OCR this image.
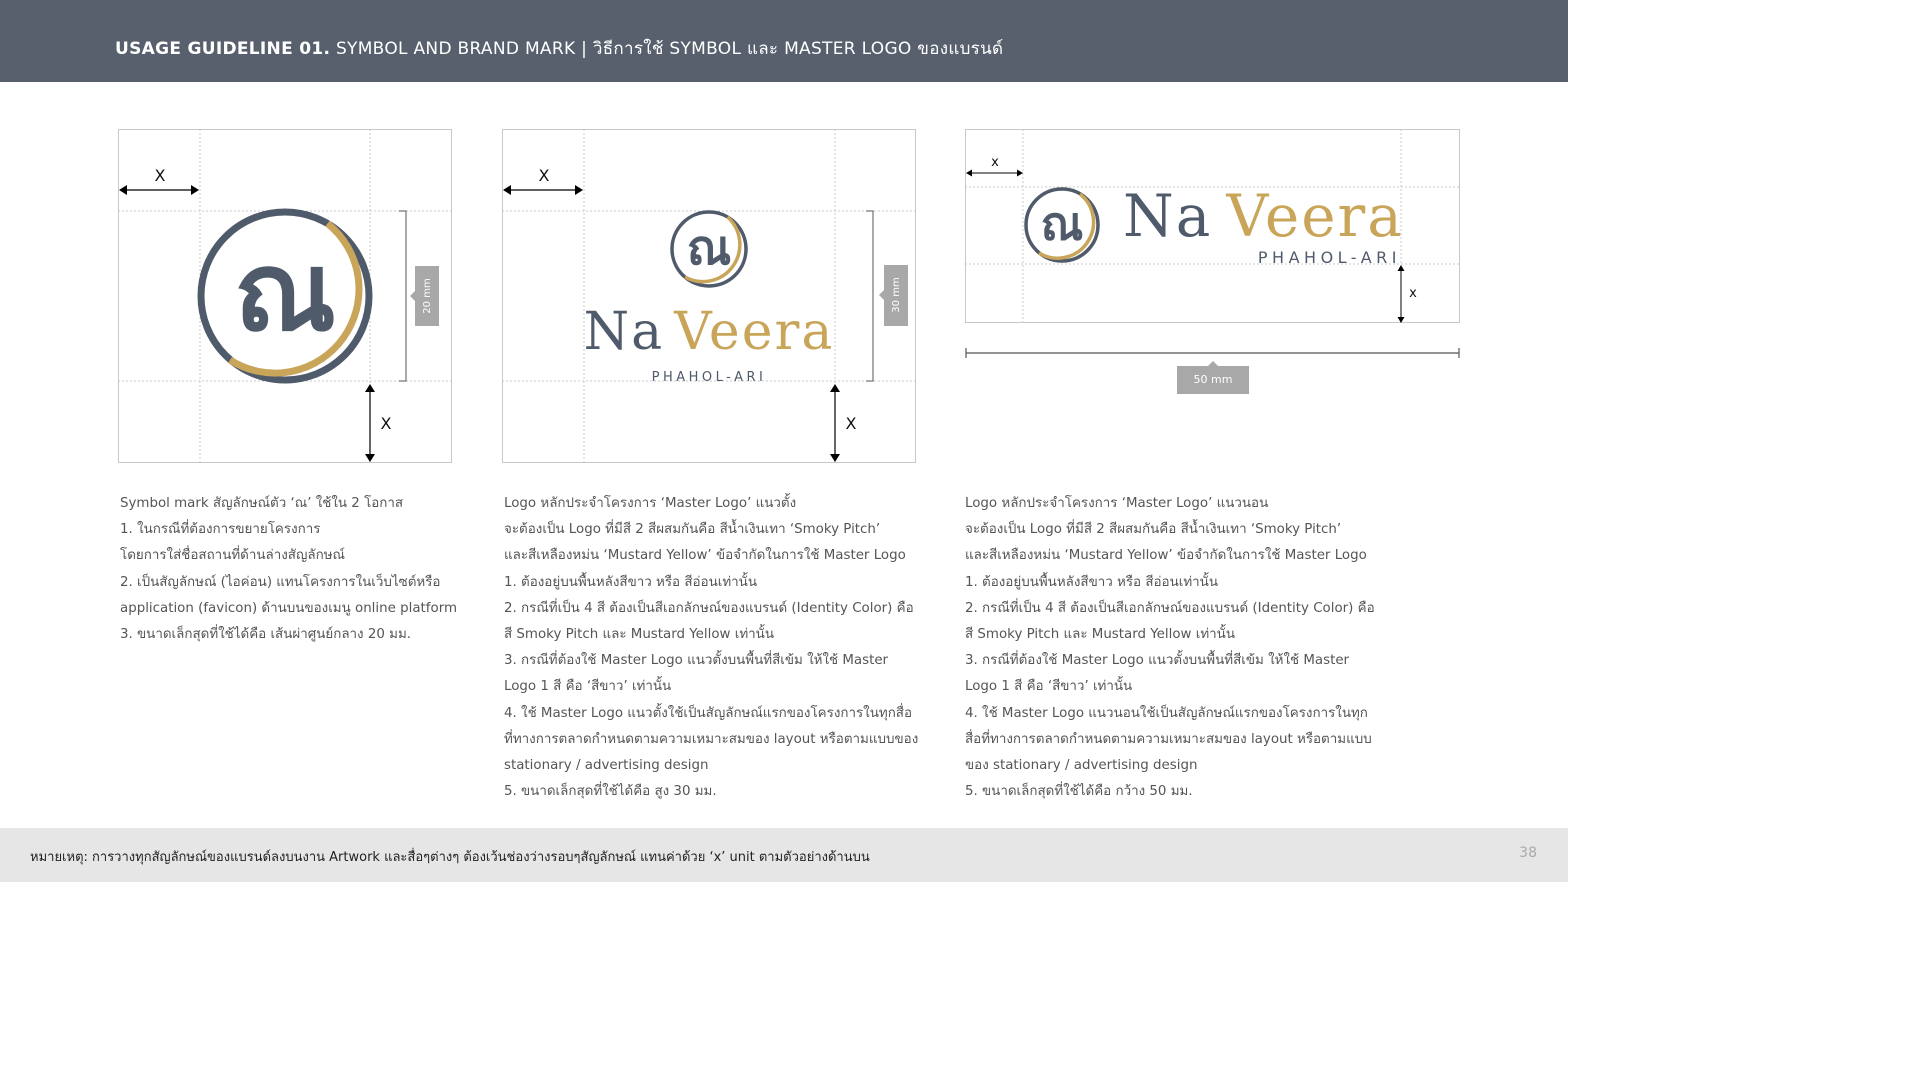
USAGE GUIDELINE 01. SYMBOL AND BRAND MARK | วิธีการใช้ SYMBOL และ MASTER LOGO ของแบรนด์
X
X
20 mm
ณ
X
X
30 mm
ณ
Na Veera
PHAHOL-ARI
x
x
ณ Na Veera
PHAHOL-ARI
50 mm

Symbol mark สัญลักษณ์ตัว ‘ณ’ ใช้ใน 2 โอกาส

1. ในกรณีที่ต้องการขยายโครงการ

โดยการใส่ชื่อสถานที่ด้านล่างสัญลักษณ์

2. เป็นสัญลักษณ์ (ไอค่อน) แทนโครงการในเว็บไซต์หรือ

application (favicon) ด้านบนของเมนู online platform

3. ขนาดเล็กสุดที่ใช้ได้คือ เส้นผ่าศูนย์กลาง 20 มม.

Logo หลักประจำโครงการ ‘Master Logo’ แนวตั้ง

จะต้องเป็น Logo ที่มีสี 2 สีผสมกันคือ สีน้ำเงินเทา ‘Smoky Pitch’

และสีเหลืองหม่น ‘Mustard Yellow’ ข้อจำกัดในการใช้ Master Logo

1. ต้องอยู่บนพื้นหลังสีขาว หรือ สีอ่อนเท่านั้น

2. กรณีที่เป็น 4 สี ต้องเป็นสีเอกลักษณ์ของแบรนด์ (Identity Color) คือ

สี Smoky Pitch และ Mustard Yellow เท่านั้น

3. กรณีที่ต้องใช้ Master Logo แนวตั้งบนพื้นที่สีเข้ม ให้ใช้ Master

Logo 1 สี คือ ‘สีขาว’ เท่านั้น

4. ใช้ Master Logo แนวตั้งใช้เป็นสัญลักษณ์แรกของโครงการในทุกสื่อ

ที่ทางการตลาดกำหนดตามความเหมาะสมของ layout หรือตามแบบของ

stationary / advertising design

5. ขนาดเล็กสุดที่ใช้ได้คือ สูง 30 มม.

Logo หลักประจำโครงการ ‘Master Logo’ แนวนอน

จะต้องเป็น Logo ที่มีสี 2 สีผสมกันคือ สีน้ำเงินเทา ‘Smoky Pitch’

และสีเหลืองหม่น ‘Mustard Yellow’ ข้อจำกัดในการใช้ Master Logo

1. ต้องอยู่บนพื้นหลังสีขาว หรือ สีอ่อนเท่านั้น

2. กรณีที่เป็น 4 สี ต้องเป็นสีเอกลักษณ์ของแบรนด์ (Identity Color) คือ

สี Smoky Pitch และ Mustard Yellow เท่านั้น

3. กรณีที่ต้องใช้ Master Logo แนวตั้งบนพื้นที่สีเข้ม ให้ใช้ Master

Logo 1 สี คือ ‘สีขาว’ เท่านั้น

4. ใช้ Master Logo แนวนอนใช้เป็นสัญลักษณ์แรกของโครงการในทุก

สื่อที่ทางการตลาดกำหนดตามความเหมาะสมของ layout หรือตามแบบ

ของ stationary / advertising design

5. ขนาดเล็กสุดที่ใช้ได้คือ กว้าง 50 มม.

หมายเหตุ: การวางทุกสัญลักษณ์ของแบรนด์ลงบนงาน Artwork และสื่อๆต่างๆ ต้องเว้นช่องว่างรอบๆสัญลักษณ์ แทนค่าด้วย ‘x’ unit ตามตัวอย่างด้านบน	38
